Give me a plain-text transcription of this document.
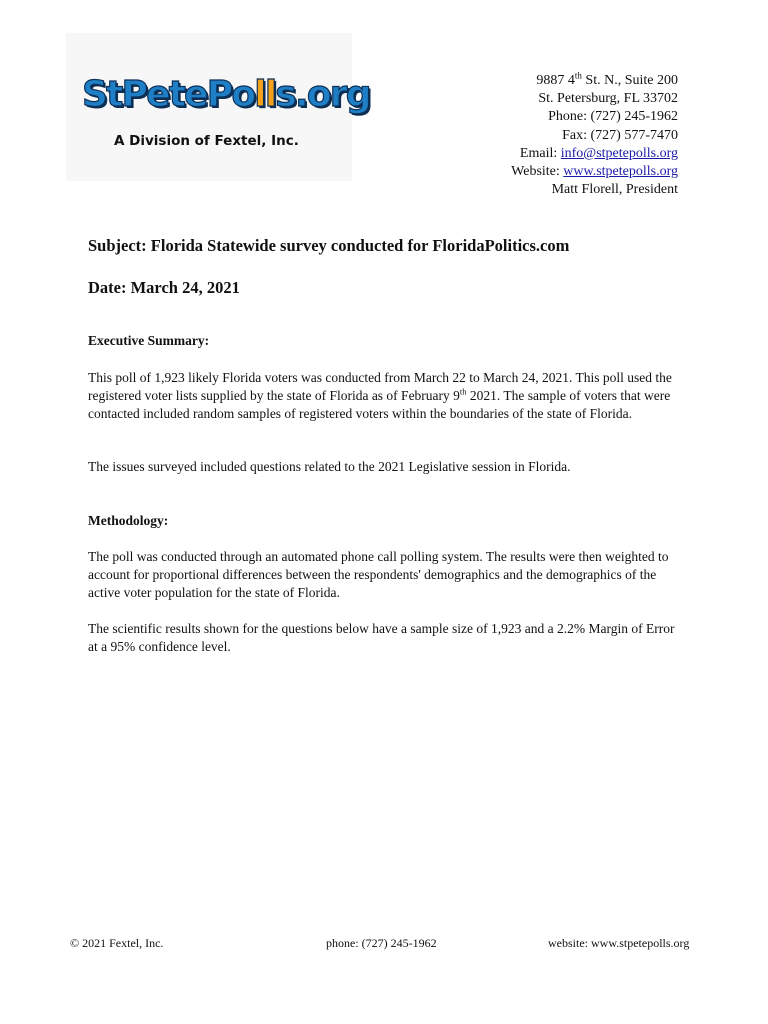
StPetePolls.org
A Division of Fextel, Inc.
9887 4th St. N., Suite 200
St. Petersburg, FL 33702
Phone: (727) 245-1962
Fax: (727) 577-7470
Email: info@stpetepolls.org
Website: www.stpetepolls.org
Matt Florell, President
Subject: Florida Statewide survey conducted for FloridaPolitics.com
Date: March 24, 2021
Executive Summary:
This poll of 1,923 likely Florida voters was conducted from March 22 to March 24, 2021. This poll used the registered voter lists supplied by the state of Florida as of February 9th 2021. The sample of voters that were contacted included random samples of registered voters within the boundaries of the state of Florida.
The issues surveyed included questions related to the 2021 Legislative session in Florida.
Methodology:
The poll was conducted through an automated phone call polling system. The results were then weighted to account for proportional differences between the respondents' demographics and the demographics of the active voter population for the state of Florida.
The scientific results shown for the questions below have a sample size of 1,923 and a 2.2% Margin of Error at a 95% confidence level.
© 2021 Fextel, Inc.	phone: (727) 245-1962	website: www.stpetepolls.org
